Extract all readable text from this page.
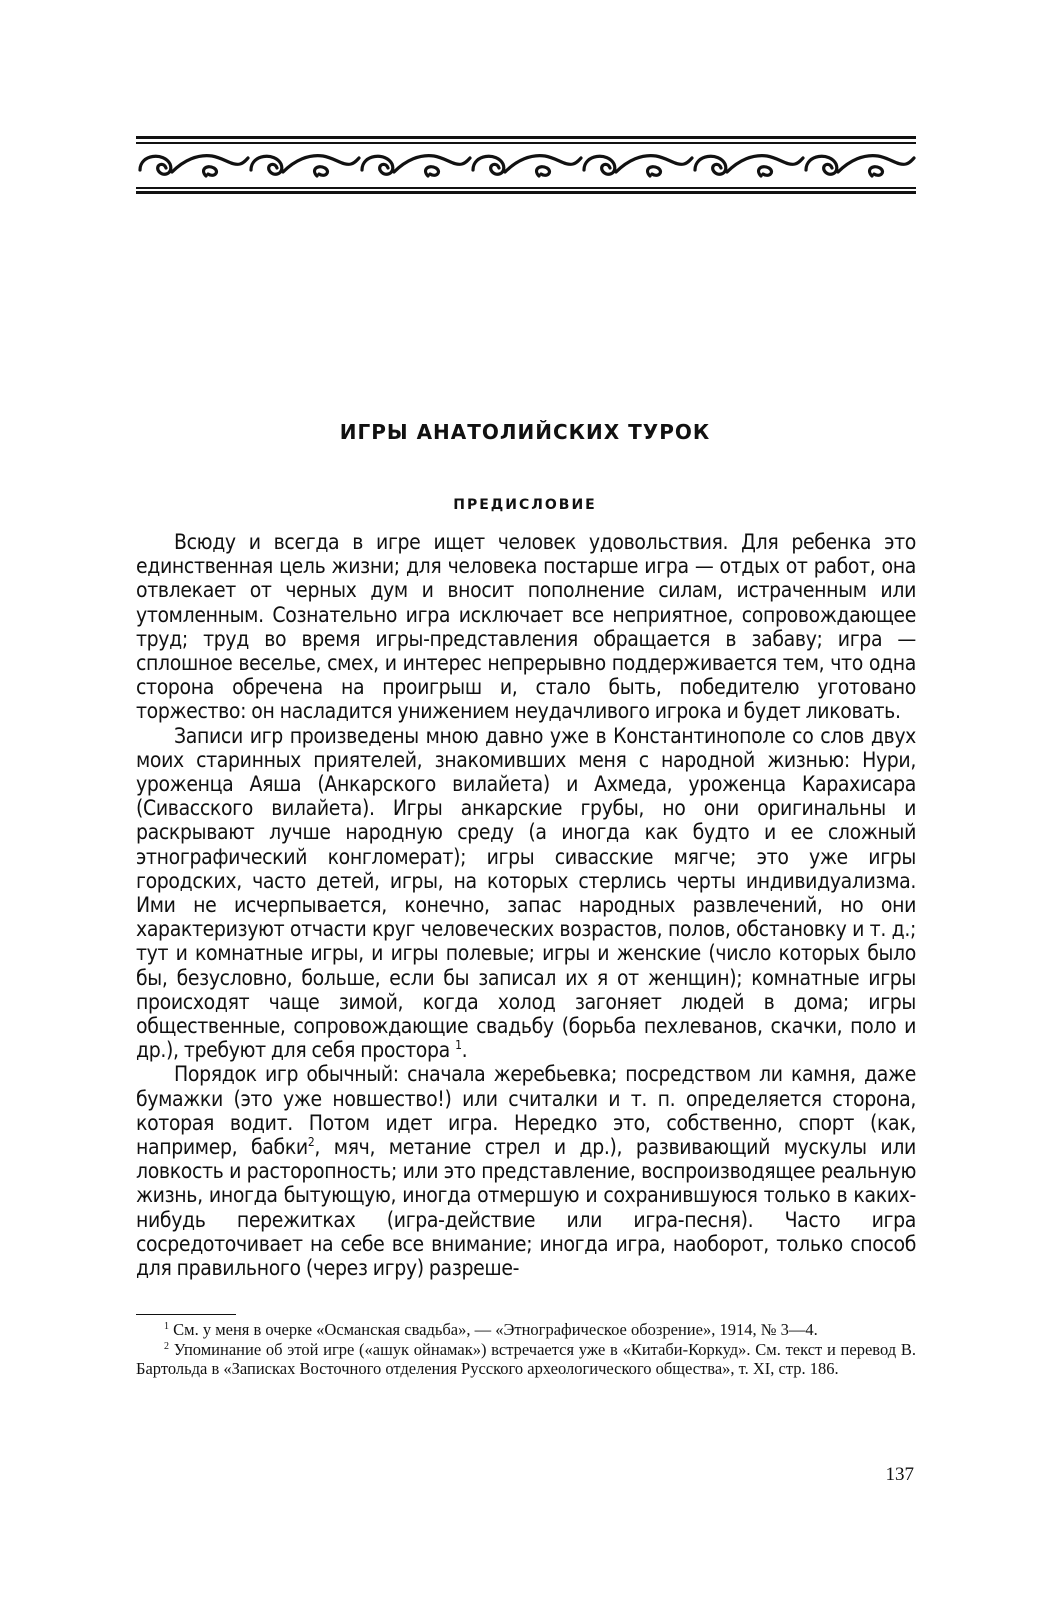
ИГРЫ АНАТОЛИЙСКИХ ТУРОК
ПРЕДИСЛОВИЕ

Всюду и всегда в игре ищет человек удовольствия. Для ребенка это единственная цель жизни; для человека постарше игра — отдых от работ, она отвлекает от черных дум и вносит пополнение силам, истраченным или утомленным. Сознательно игра исключает все неприятное, сопровождающее труд; труд во время игры-представления обращается в забаву; игра — сплошное веселье, смех, и интерес непрерывно поддерживается тем, что одна сторона обречена на проигрыш и, стало быть, победителю уготовано торжество: он насладится унижением неудачливого игрока и будет ликовать.

Записи игр произведены мною давно уже в Константинополе со слов двух моих старинных приятелей, знакомивших меня с народной жизнью: Нури, уроженца Аяша (Анкарского вилайета) и Ахмеда, уроженца Карахисара (Сивасского вилайета). Игры анкарские грубы, но они оригинальны и раскрывают лучше народную среду (а иногда как будто и ее сложный этнографический конгломерат); игры сивасские мягче; это уже игры городских, часто детей, игры, на которых стерлись черты индивидуализма. Ими не исчерпывается, конечно, запас народных развлечений, но они характеризуют отчасти круг человеческих возрастов, полов, обстановку и т. д.; тут и комнатные игры, и игры полевые; игры и женские (число которых было бы, безусловно, больше, если бы записал их я от женщин); комнатные игры происходят чаще зимой, когда холод загоняет людей в дома; игры общественные, сопровождающие свадьбу (борьба пехлеванов, скачки, поло и др.), требуют для себя простора $^1$.

Порядок игр обычный: сначала жеребьевка; посредством ли камня, даже бумажки (это уже новшество!) или считалки и т. п. определяется сторона, которая водит. Потом идет игра. Нередко это, собственно, спорт (как, например, бабки$^2$, мяч, метание стрел и др.), развивающий мускулы или ловкость и расторопность; или это представление, воспроизводящее реальную жизнь, иногда бытующую, иногда отмершую и сохранившуюся только в каких-нибудь пережитках (игра-действие или игра-песня). Часто игра сосредоточивает на себе все внимание; иногда игра, наоборот, только способ для правильного (через игру) разреше-

$^1$ См. у меня в очерке «Османская свадьба», — «Этнографическое обозрение», 1914, № 3—4.

$^2$ Упоминание об этой игре («ашук ойнамак») встречается уже в «Китаби-Коркуд». См. текст и перевод В. Бартольда в «Записках Восточного отделения Русского археологического общества», т. XI, стр. 186.

137
